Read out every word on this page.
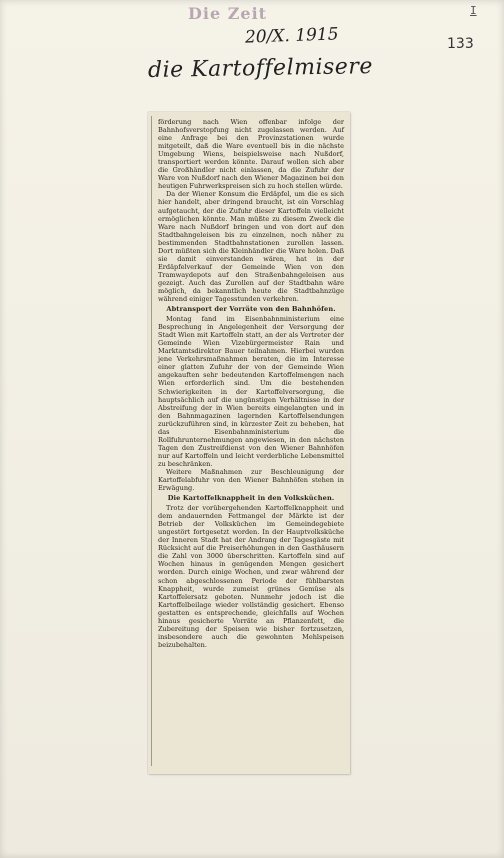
Die Zeit	I
133
20/X. 1915
die Kartoffelmisere

förderung nach Wien offenbar infolge der Bahnhofsverstopfung nicht zugelassen werden. Auf eine Anfrage bei den Provinzstationen wurde mitgeteilt, daß die Ware eventuell bis in die nächste Umgebung Wiens, beispielsweise nach Nußdorf, transportiert werden könnte. Darauf wollen sich aber die Großhändler nicht einlassen, da die Zufuhr der Ware von Nußdorf nach den Wiener Magazinen bei den heutigen Fuhrwerkspreisen sich zu hoch stellen würde.

Da der Wiener Konsum die Erdäpfel, um die es sich hier handelt, aber dringend braucht, ist ein Vorschlag aufgetaucht, der die Zufuhr dieser Kartoffeln vielleicht ermöglichen könnte. Man müßte zu diesem Zweck die Ware nach Nußdorf bringen und von dort auf den Stadtbahngeleisen bis zu einzelnen, noch näher zu bestimmenden Stadtbahnstationen zurollen lassen. Dort müßten sich die Kleinhändler die Ware holen. Daß sie damit einverstanden wären, hat in der Erdäpfelverkauf der Gemeinde Wien von den Tramwaydepots auf den Straßenbahngeleisen aus gezeigt. Auch das Zurollen auf der Stadtbahn wäre möglich, da bekanntlich heute die Stadtbahnzüge während einiger Tagesstunden verkehren.

Abtransport der Vorräte von den Bahnhöfen.

Montag fand im Eisenbahnministerium eine Besprechung in Angelegenheit der Versorgung der Stadt Wien mit Kartoffeln statt, an der als Vertreter der Gemeinde Wien Vizebürgermeister Rain und Marktamtsdirektor Bauer teilnahmen. Hierbei wurden jene Verkehrsmaßnahmen beraten, die im Interesse einer glatten Zufuhr der von der Gemeinde Wien angekauften sehr bedeutenden Kartoffelmengen nach Wien erforderlich sind. Um die bestehenden Schwierigkeiten in der Kartoffelversorgung, die hauptsächlich auf die ungünstigen Verhältnisse in der Abstreifung der in Wien bereits eingelangten und in den Bahnmagazinen lagernden Kartoffelsendungen zurückzuführen sind, in kürzester Zeit zu beheben, hat das Eisenbahnministerium die Rollfuhrunternehmungen angewiesen, in den nächsten Tagen den Zustreifdienst von den Wiener Bahnhöfen nur auf Kartoffeln und leicht verderbliche Lebensmittel zu beschränken.

Weitere Maßnahmen zur Beschleunigung der Kartoffelabfuhr von den Wiener Bahnhöfen stehen in Erwägung.

Die Kartoffelknappheit in den Volksküchen.

Trotz der vorübergehenden Kartoffelknappheit und dem andauernden Fettmangel der Märkte ist der Betrieb der Volksküchen im Gemeindegebiete ungestört fortgesetzt worden. In der Hauptvolksküche der Inneren Stadt hat der Andrang der Tagesgäste mit Rücksicht auf die Preiserhöhungen in den Gasthäusern die Zahl von 3000 überschritten. Kartoffeln sind auf Wochen hinaus in genügenden Mengen gesichert worden. Durch einige Wochen, und zwar während der schon abgeschlossenen Periode der fühlbarsten Knappheit, wurde zumeist grünes Gemüse als Kartoffelersatz geboten. Nunmehr jedoch ist die Kartoffelbeilage wieder vollständig gesichert. Ebenso gestatten es entsprechende, gleichfalls auf Wochen hinaus gesicherte Vorräte an Pflanzenfett, die Zubereitung der Speisen wie bisher fortzusetzen, insbesondere auch die gewohnten Mehlspeisen beizubehalten.
